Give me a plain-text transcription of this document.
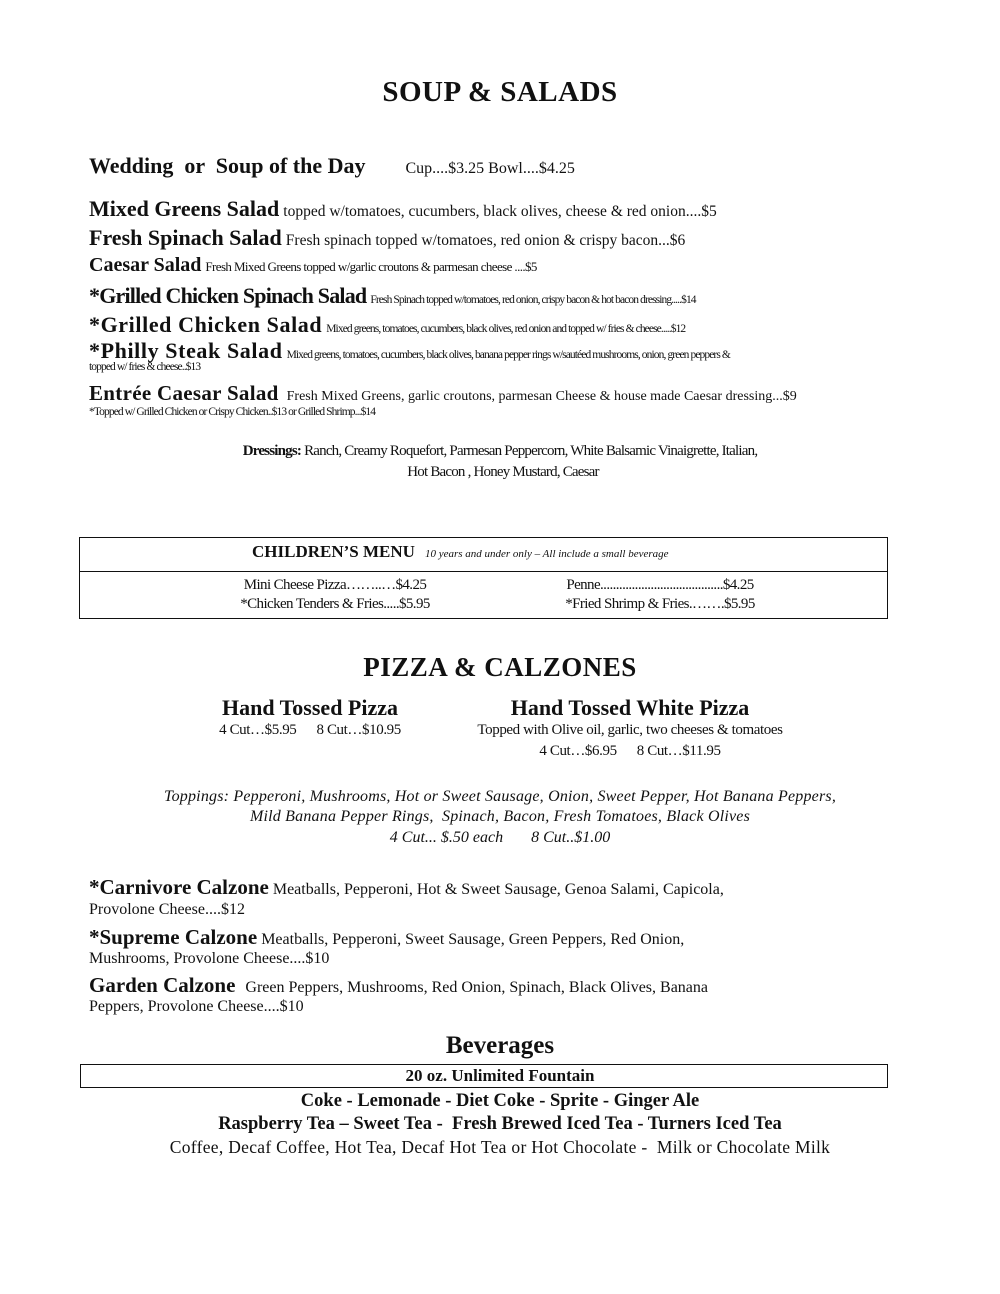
SOUP & SALADS
Wedding  or  Soup of the Day	Cup....$3.25 Bowl....$4.25
Mixed Greens Salad topped w/tomatoes, cucumbers, black olives, cheese & red onion....$5
Fresh Spinach Salad Fresh spinach topped w/tomatoes, red onion & crispy bacon...$6
Caesar Salad Fresh Mixed Greens topped w/garlic croutons & parmesan cheese ....$5
*Grilled Chicken Spinach Salad Fresh Spinach topped w/tomatoes, red onion, crispy bacon & hot bacon dressing.....$14
*Grilled Chicken Salad Mixed greens, tomatoes, cucumbers, black olives, red onion and topped w/ fries & cheese.....$12
*Philly Steak Salad Mixed greens, tomatoes, cucumbers, black olives, banana pepper rings w/sautéed mushrooms, onion, green peppers &
topped w/ fries & cheese..$13
Entrée Caesar Salad Fresh Mixed Greens, garlic croutons, parmesan Cheese & house made Caesar dressing...$9
*Topped w/ Grilled Chicken or Crispy Chicken..$13 or Grilled Shrimp...$14
Dressings: Ranch, Creamy Roquefort, Parmesan Peppercorn, White Balsamic Vinaigrette, Italian,
Hot Bacon , Honey Mustard, Caesar
CHILDREN’S MENU 10 years and under only – All include a small beverage
Mini Cheese Pizza……..…$4.25
*Chicken Tenders & Fries.....$5.95
Penne.......................................$4.25
*Fried Shrimp & Fries.…….$5.95
PIZZA & CALZONES
Hand Tossed Pizza
4 Cut…$5.95      8 Cut…$10.95
Hand Tossed White Pizza
Topped with Olive oil, garlic, two cheeses & tomatoes
4 Cut…$6.95      8 Cut…$11.95
Toppings: Pepperoni, Mushrooms, Hot or Sweet Sausage, Onion, Sweet Pepper, Hot Banana Peppers,
Mild Banana Pepper Rings,  Spinach, Bacon, Fresh Tomatoes, Black Olives
4 Cut... $.50 each       8 Cut..$1.00
*Carnivore Calzone Meatballs, Pepperoni, Hot & Sweet Sausage, Genoa Salami, Capicola,
Provolone Cheese....$12
*Supreme Calzone Meatballs, Pepperoni, Sweet Sausage, Green Peppers, Red Onion,
Mushrooms, Provolone Cheese....$10
Garden Calzone Green Peppers, Mushrooms, Red Onion, Spinach, Black Olives, Banana
Peppers, Provolone Cheese....$10
Beverages
20 oz. Unlimited Fountain
Coke - Lemonade - Diet Coke - Sprite - Ginger Ale
Raspberry Tea – Sweet Tea -  Fresh Brewed Iced Tea - Turners Iced Tea
Coffee, Decaf Coffee, Hot Tea, Decaf Hot Tea or Hot Chocolate -  Milk or Chocolate Milk
